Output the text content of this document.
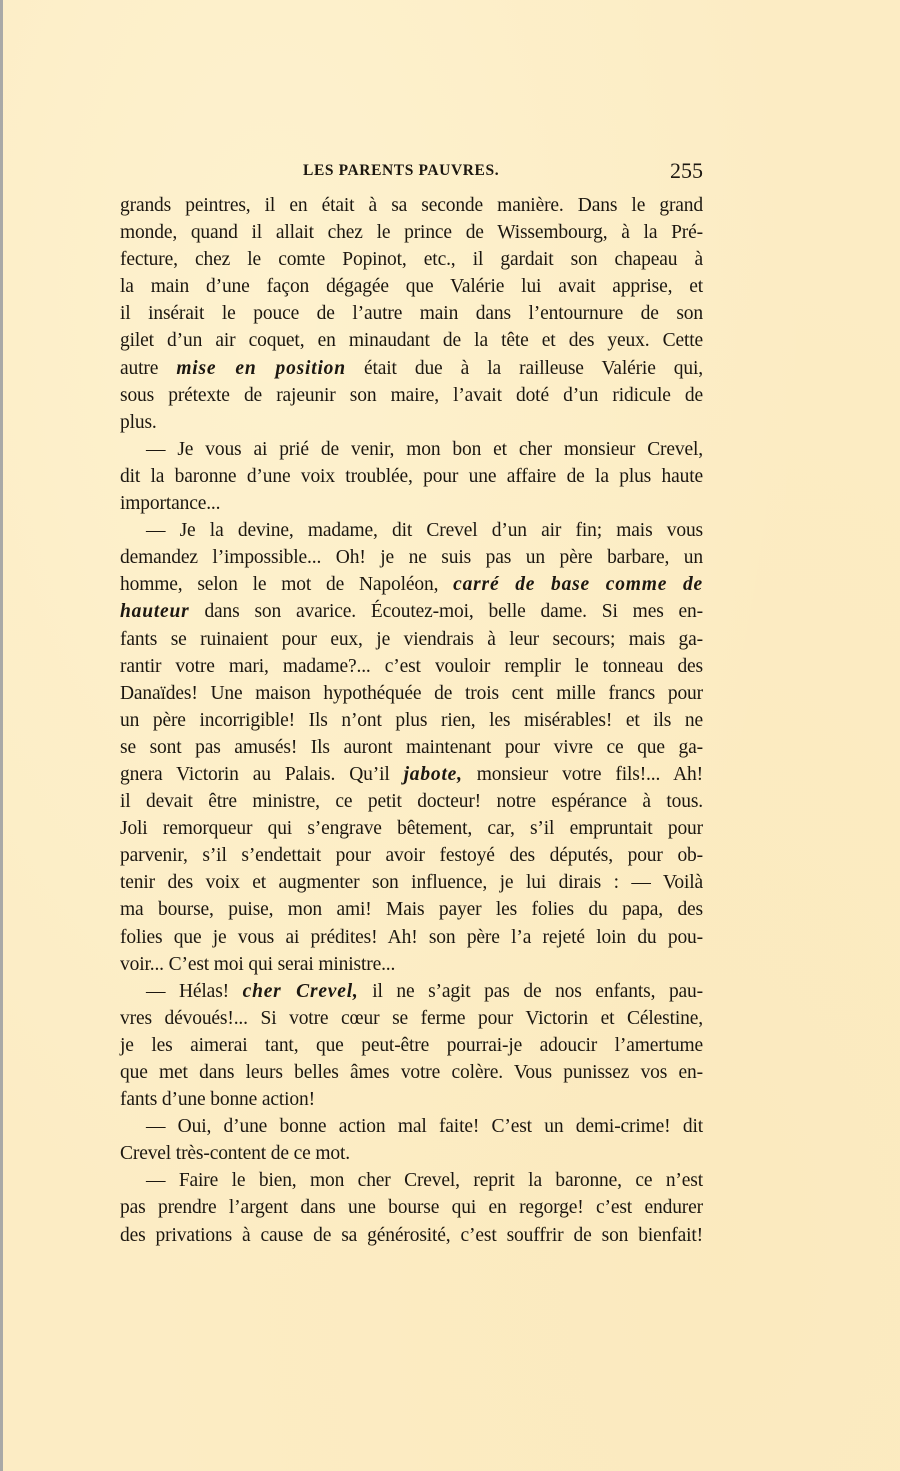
LES PARENTS PAUVRES.	255
grands peintres, il en était à sa seconde manière. Dans le grand
monde, quand il allait chez le prince de Wissembourg, à la Pré-
fecture, chez le comte Popinot, etc., il gardait son chapeau à
la main d’une façon dégagée que Valérie lui avait apprise, et
il insérait le pouce de l’autre main dans l’entournure de son
gilet d’un air coquet, en minaudant de la tête et des yeux. Cette
autre mise en position était due à la railleuse Valérie qui,
sous prétexte de rajeunir son maire, l’avait doté d’un ridicule de
plus.
— Je vous ai prié de venir, mon bon et cher monsieur Crevel,
dit la baronne d’une voix troublée, pour une affaire de la plus haute
importance...
— Je la devine, madame, dit Crevel d’un air fin; mais vous
demandez l’impossible... Oh! je ne suis pas un père barbare, un
homme, selon le mot de Napoléon, carré de base comme de
hauteur dans son avarice. Écoutez-moi, belle dame. Si mes en-
fants se ruinaient pour eux, je viendrais à leur secours; mais ga-
rantir votre mari, madame?... c’est vouloir remplir le tonneau des
Danaïdes! Une maison hypothéquée de trois cent mille francs pour
un père incorrigible! Ils n’ont plus rien, les misérables! et ils ne
se sont pas amusés! Ils auront maintenant pour vivre ce que ga-
gnera Victorin au Palais. Qu’il jabote, monsieur votre fils!... Ah!
il devait être ministre, ce petit docteur! notre espérance à tous.
Joli remorqueur qui s’engrave bêtement, car, s’il empruntait pour
parvenir, s’il s’endettait pour avoir festoyé des députés, pour ob-
tenir des voix et augmenter son influence, je lui dirais : — Voilà
ma bourse, puise, mon ami! Mais payer les folies du papa, des
folies que je vous ai prédites! Ah! son père l’a rejeté loin du pou-
voir... C’est moi qui serai ministre...
— Hélas! cher Crevel, il ne s’agit pas de nos enfants, pau-
vres dévoués!... Si votre cœur se ferme pour Victorin et Célestine,
je les aimerai tant, que peut-être pourrai-je adoucir l’amertume
que met dans leurs belles âmes votre colère. Vous punissez vos en-
fants d’une bonne action!
— Oui, d’une bonne action mal faite! C’est un demi-crime! dit
Crevel très-content de ce mot.
— Faire le bien, mon cher Crevel, reprit la baronne, ce n’est
pas prendre l’argent dans une bourse qui en regorge! c’est endurer
des privations à cause de sa générosité, c’est souffrir de son bienfait!
